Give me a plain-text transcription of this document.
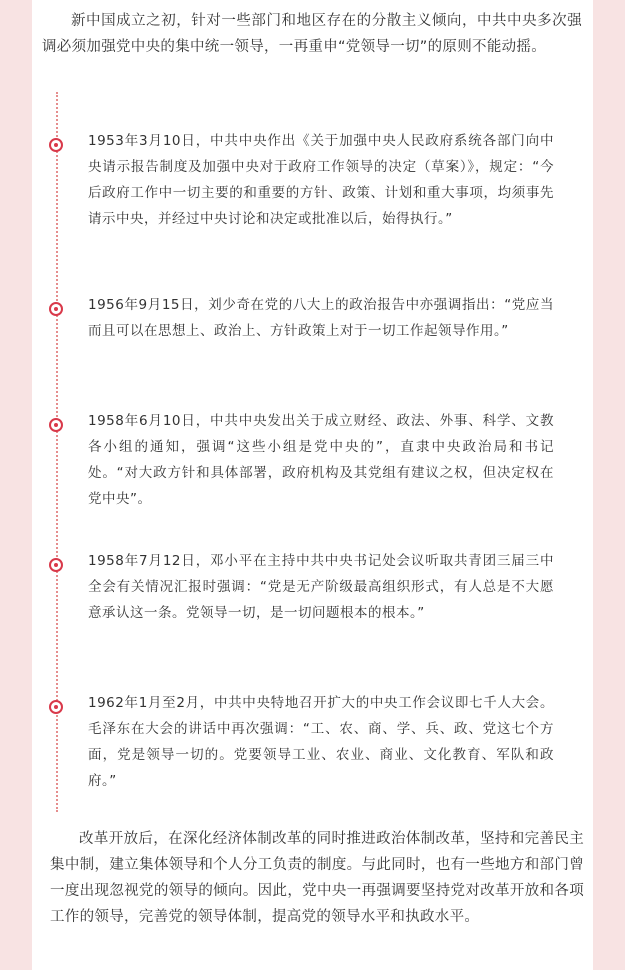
新中国成立之初，针对一些部门和地区存在的分散主义倾向，中共中央多次强调必须加强党中央的集中统一领导，一再重申“党领导一切”的原则不能动摇。

1953年3月10日，中共中央作出《关于加强中央人民政府系统各部门向中央请示报告制度及加强中央对于政府工作领导的决定（草案）》，规定：“今后政府工作中一切主要的和重要的方针、政策、计划和重大事项，均须事先请示中央，并经过中央讨论和决定或批准以后，始得执行。”

1956年9月15日，刘少奇在党的八大上的政治报告中亦强调指出：“党应当而且可以在思想上、政治上、方针政策上对于一切工作起领导作用。”

1958年6月10日，中共中央发出关于成立财经、政法、外事、科学、文教各小组的通知，强调“这些小组是党中央的”，直隶中央政治局和书记处。“对大政方针和具体部署，政府机构及其党组有建议之权，但决定权在党中央”。

1958年7月12日，邓小平在主持中共中央书记处会议听取共青团三届三中全会有关情况汇报时强调：“党是无产阶级最高组织形式，有人总是不大愿意承认这一条。党领导一切，是一切问题根本的根本。”

1962年1月至2月，中共中央特地召开扩大的中央工作会议即七千人大会。毛泽东在大会的讲话中再次强调：“工、农、商、学、兵、政、党这七个方面，党是领导一切的。党要领导工业、农业、商业、文化教育、军队和政府。”

改革开放后，在深化经济体制改革的同时推进政治体制改革，坚持和完善民主集中制，建立集体领导和个人分工负责的制度。与此同时，也有一些地方和部门曾一度出现忽视党的领导的倾向。因此，党中央一再强调要坚持党对改革开放和各项工作的领导，完善党的领导体制，提高党的领导水平和执政水平。
